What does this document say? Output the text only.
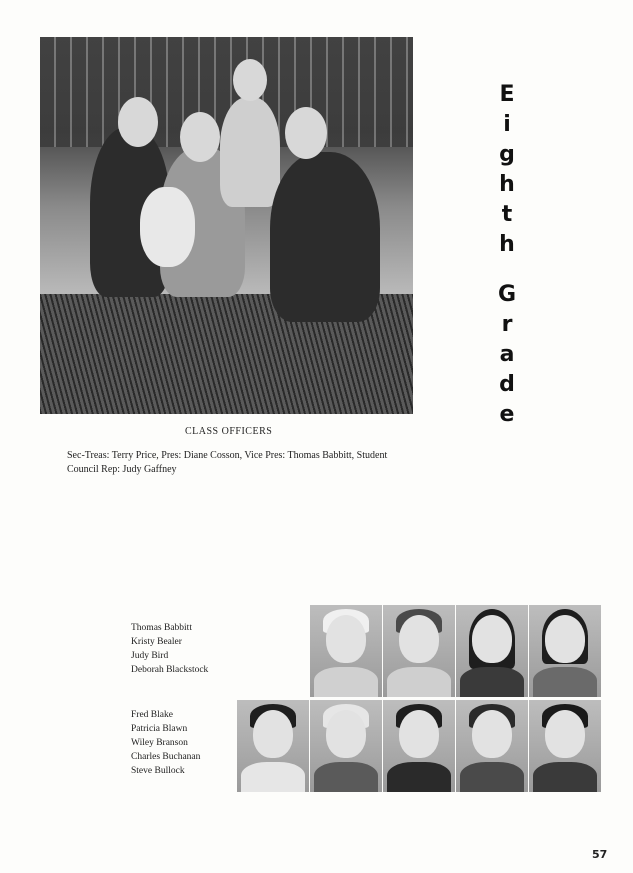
CLASS OFFICERS
Sec-Treas: Terry Price, Pres: Diane Cosson, Vice Pres: Thomas Babbitt, Student Council Rep: Judy Gaffney
E
i
g
h
t
h
G
r
a
d
e
Thomas Babbitt
Kristy Bealer
Judy Bird
Deborah Blackstock
Fred Blake
Patricia Blawn
Wiley Branson
Charles Buchanan
Steve Bullock
57
